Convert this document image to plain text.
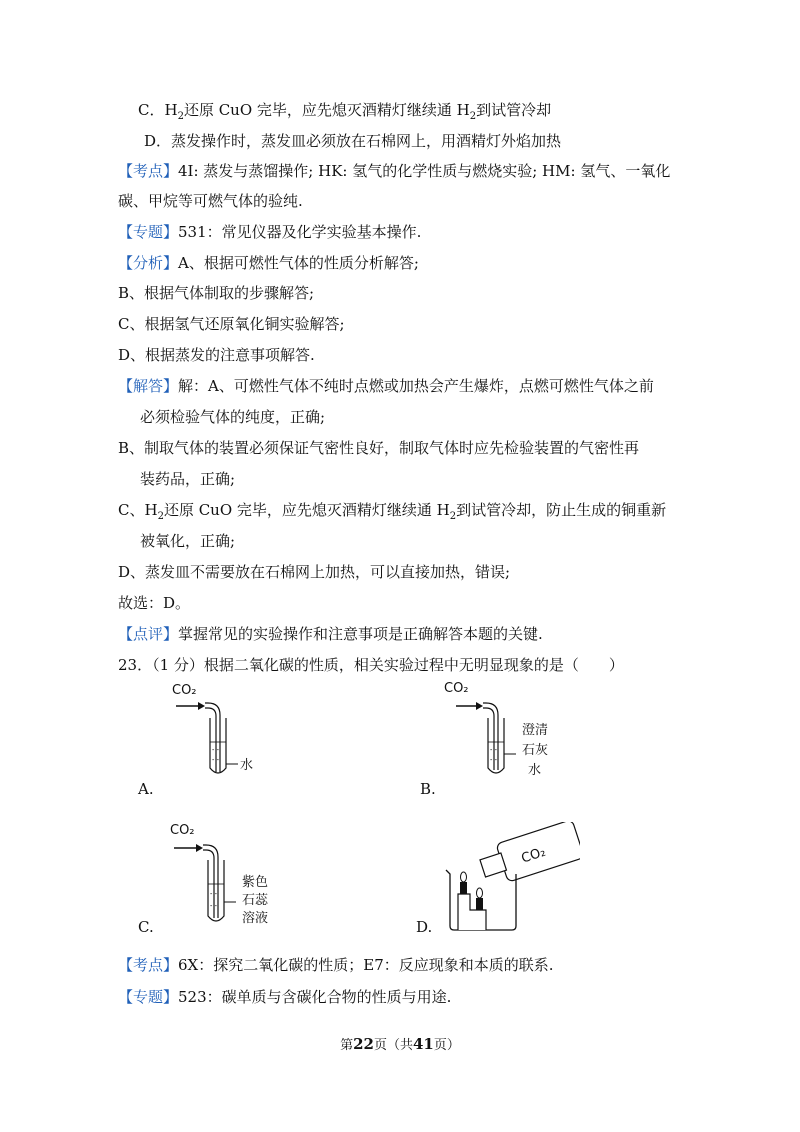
C．$H_2$还原 CuO 完毕，应先熄灭酒精灯继续通 $H_2$到试管冷却
D．蒸发操作时，蒸发皿必须放在石棉网上，用酒精灯外焰加热
【考点】4I: 蒸发与蒸馏操作; HK: 氢气的化学性质与燃烧实验; HM: 氢气、一氧化
碳、甲烷等可燃气体的验纯.
【专题】531：常见仪器及化学实验基本操作.
【分析】A、根据可燃性气体的性质分析解答;
B、根据气体制取的步骤解答;
C、根据氢气还原氧化铜实验解答;
D、根据蒸发的注意事项解答.
【解答】解：A、可燃性气体不纯时点燃或加热会产生爆炸，点燃可燃性气体之前
必须检验气体的纯度，正确;
B、制取气体的装置必须保证气密性良好，制取气体时应先检验装置的气密性再
装药品，正确;
C、$H_2$还原 CuO 完毕，应先熄灭酒精灯继续通 $H_2$到试管冷却，防止生成的铜重新
被氧化，正确;
D、蒸发皿不需要放在石棉网上加热，可以直接加热，错误;
故选：D。
【点评】掌握常见的实验操作和注意事项是正确解答本题的关键.
23．（1 分）根据二氧化碳的性质，相关实验过程中无明显现象的是（　　）
【考点】6X：探究二氧化碳的性质；E7：反应现象和本质的联系.
【专题】523：碳单质与含碳化合物的性质与用途.
CO₂
- -
- - 水
A.
CO₂
- -
- -
澄清
石灰
水
B.
CO₂
- -
- -
紫色
石蕊
溶液
C.
CO₂
D.
第22页（共41页）
